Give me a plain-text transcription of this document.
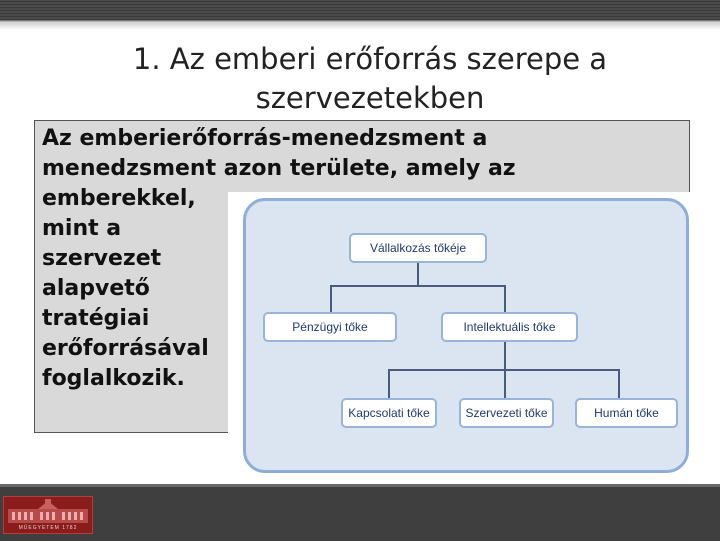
1. Az emberi erőforrás szerepe a
szervezetekben
Az emberierőforrás-menedzsment a
menedzsment azon területe, amely az
emberekkel,
mint a
szervezet
alapvető
tratégiai
erőforrásával
foglalkozik.
Vállalkozás tőkéje
Pénzügyi tőke	Intellektuális tőke
Kapcsolati tőke	Szervezeti tőke	Humán tőke
MŰEGYETEM 1782
